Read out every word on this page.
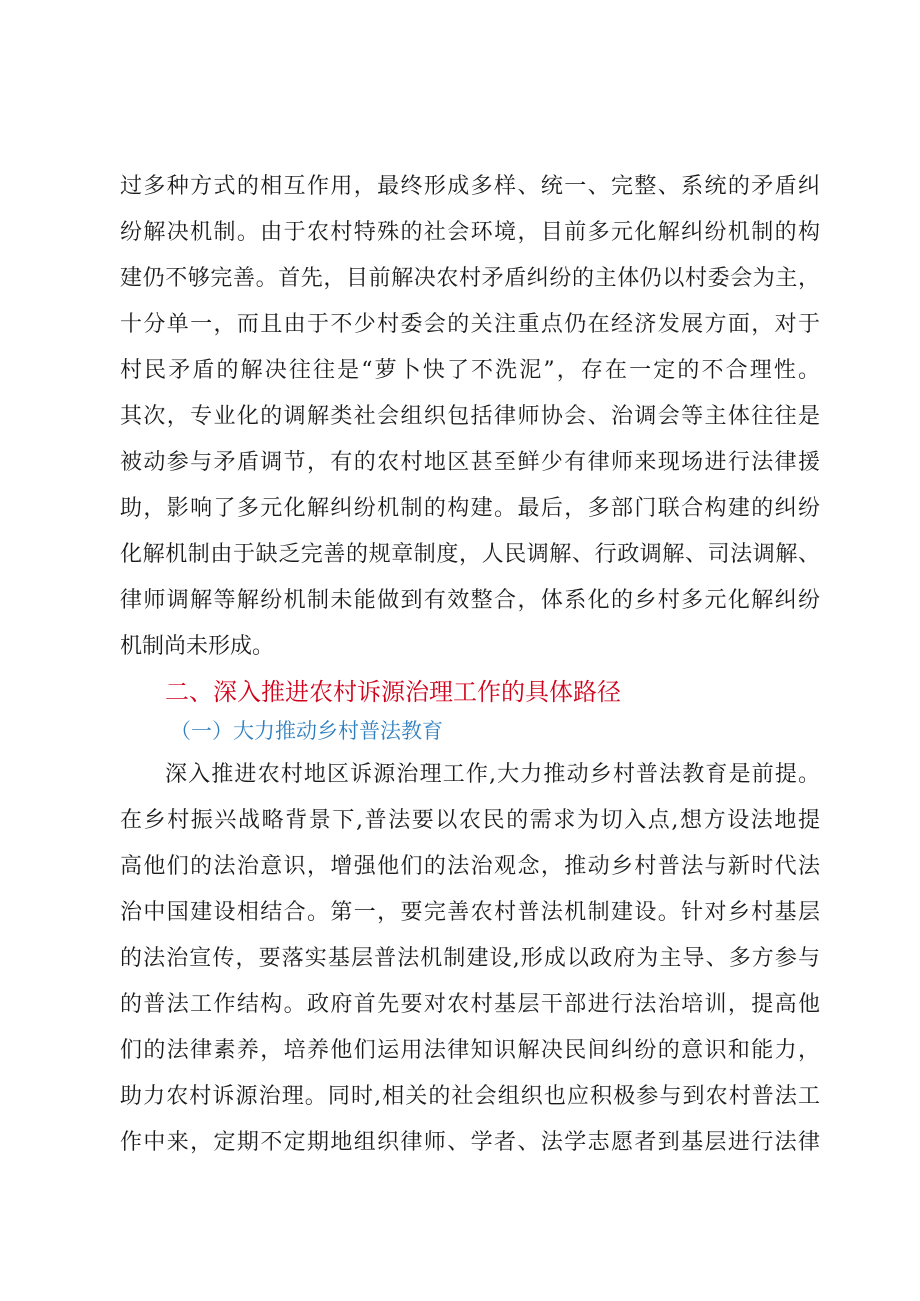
过多种方式的相互作用，最终形成多样、统一、完整、系统的矛盾纠
纷解决机制。由于农村特殊的社会环境，目前多元化解纠纷机制的构
建仍不够完善。首先，目前解决农村矛盾纠纷的主体仍以村委会为主，
十分单一，而且由于不少村委会的关注重点仍在经济发展方面，对于
村民矛盾的解决往往是“萝卜快了不洗泥”，存在一定的不合理性。
其次，专业化的调解类社会组织包括律师协会、治调会等主体往往是
被动参与矛盾调节，有的农村地区甚至鲜少有律师来现场进行法律援
助，影响了多元化解纠纷机制的构建。最后，多部门联合构建的纠纷
化解机制由于缺乏完善的规章制度，人民调解、行政调解、司法调解、
律师调解等解纷机制未能做到有效整合，体系化的乡村多元化解纠纷
机制尚未形成。
二、深入推进农村诉源治理工作的具体路径
（一）大力推动乡村普法教育
深入推进农村地区诉源治理工作,大力推动乡村普法教育是前提。
在乡村振兴战略背景下,普法要以农民的需求为切入点,想方设法地提
高他们的法治意识，增强他们的法治观念，推动乡村普法与新时代法
治中国建设相结合。第一，要完善农村普法机制建设。针对乡村基层
的法治宣传，要落实基层普法机制建设,形成以政府为主导、多方参与
的普法工作结构。政府首先要对农村基层干部进行法治培训，提高他
们的法律素养，培养他们运用法律知识解决民间纠纷的意识和能力，
助力农村诉源治理。同时,相关的社会组织也应积极参与到农村普法工
作中来，定期不定期地组织律师、学者、法学志愿者到基层进行法律
